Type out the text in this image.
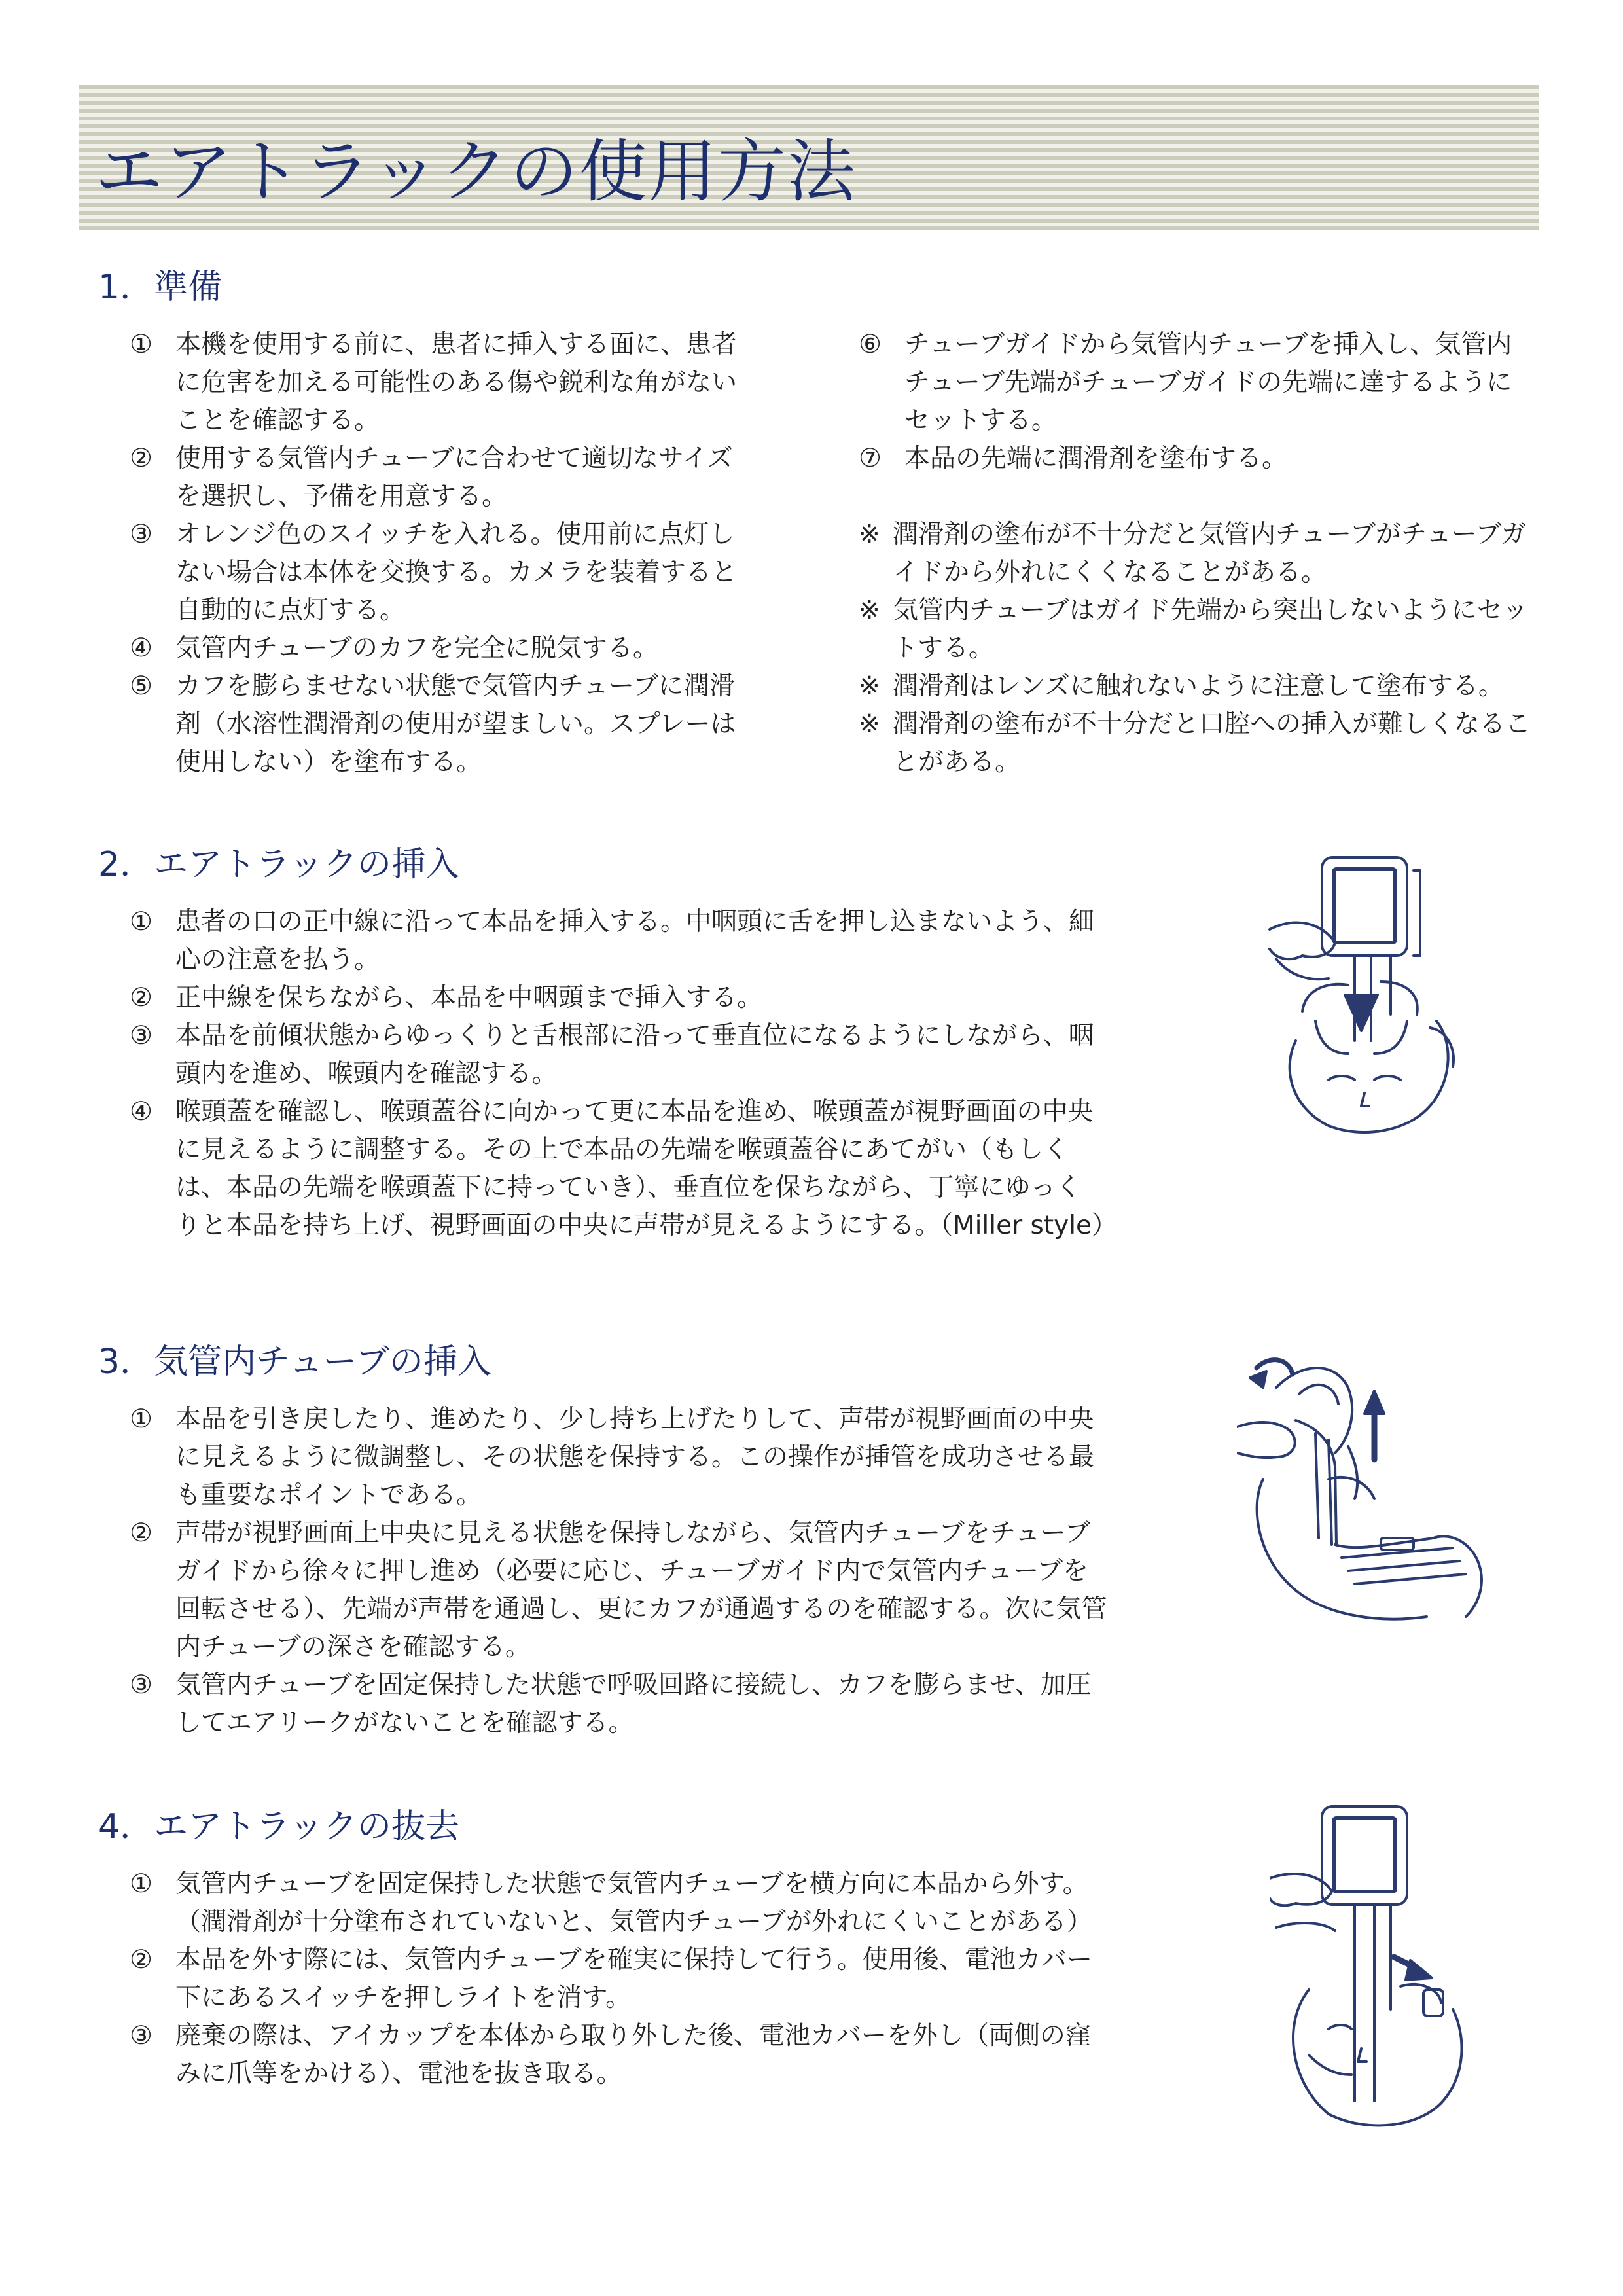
エアトラックの使用方法
1．準備
① 本機を使用する前に、患者に挿入する面に、患者に危害を加える可能性のある傷や鋭利な角がないことを確認する。
② 使用する気管内チューブに合わせて適切なサイズを選択し、予備を用意する。
③ オレンジ色のスイッチを入れる。使用前に点灯しない場合は本体を交換する。カメラを装着すると自動的に点灯する。
④ 気管内チューブのカフを完全に脱気する。
⑤ カフを膨らませない状態で気管内チューブに潤滑剤（水溶性潤滑剤の使用が望ましい。スプレーは使用しない）を塗布する。
⑥ チューブガイドから気管内チューブを挿入し、気管内チューブ先端がチューブガイドの先端に達するようにセットする。
⑦ 本品の先端に潤滑剤を塗布する。
※ 潤滑剤の塗布が不十分だと気管内チューブがチューブガイドから外れにくくなることがある。
※ 気管内チューブはガイド先端から突出しないようにセットする。
※ 潤滑剤はレンズに触れないように注意して塗布する。
※ 潤滑剤の塗布が不十分だと口腔への挿入が難しくなることがある。
2．エアトラックの挿入
① 患者の口の正中線に沿って本品を挿入する。中咽頭に舌を押し込まないよう、細心の注意を払う。
② 正中線を保ちながら、本品を中咽頭まで挿入する。
③ 本品を前傾状態からゆっくりと舌根部に沿って垂直位になるようにしながら、咽頭内を進め、喉頭内を確認する。
④ 喉頭蓋を確認し、喉頭蓋谷に向かって更に本品を進め、喉頭蓋が視野画面の中央に見えるように調整する。その上で本品の先端を喉頭蓋谷にあてがい（もしくは、本品の先端を喉頭蓋下に持っていき）、垂直位を保ちながら、丁寧にゆっくりと本品を持ち上げ、視野画面の中央に声帯が見えるようにする。（Miller style）
3．気管内チューブの挿入
① 本品を引き戻したり、進めたり、少し持ち上げたりして、声帯が視野画面の中央に見えるように微調整し、その状態を保持する。この操作が挿管を成功させる最も重要なポイントである。
② 声帯が視野画面上中央に見える状態を保持しながら、気管内チューブをチューブガイドから徐々に押し進め（必要に応じ、チューブガイド内で気管内チューブを回転させる）、先端が声帯を通過し、更にカフが通過するのを確認する。次に気管内チューブの深さを確認する。
③ 気管内チューブを固定保持した状態で呼吸回路に接続し、カフを膨らませ、加圧してエアリークがないことを確認する。
4．エアトラックの抜去
① 気管内チューブを固定保持した状態で気管内チューブを横方向に本品から外す。（潤滑剤が十分塗布されていないと、気管内チューブが外れにくいことがある）
② 本品を外す際には、気管内チューブを確実に保持して行う。使用後、電池カバー下にあるスイッチを押しライトを消す。
③ 廃棄の際は、アイカップを本体から取り外した後、電池カバーを外し（両側の窪みに爪等をかける）、電池を抜き取る。
